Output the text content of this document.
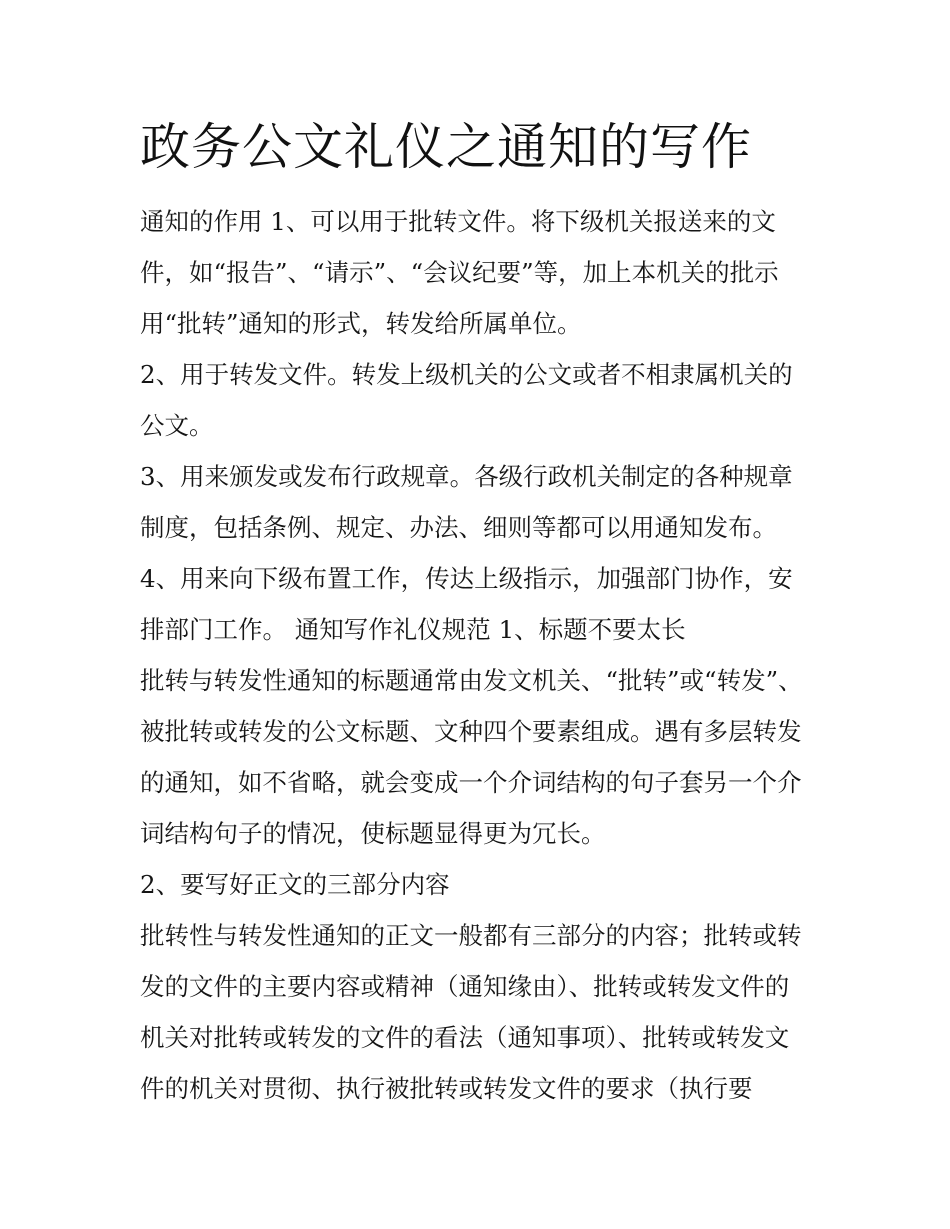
政务公文礼仪之通知的写作

通知的作用 1、可以用于批转文件。将下级机关报送来的文

件，如“报告”、“请示”、“会议纪要”等，加上本机关的批示

用“批转”通知的形式，转发给所属单位。

2、用于转发文件。转发上级机关的公文或者不相隶属机关的

公文。

3、用来颁发或发布行政规章。各级行政机关制定的各种规章

制度，包括条例、规定、办法、细则等都可以用通知发布。

4、用来向下级布置工作，传达上级指示，加强部门协作，安

排部门工作。 通知写作礼仪规范 1、标题不要太长

批转与转发性通知的标题通常由发文机关、“批转”或“转发”、

被批转或转发的公文标题、文种四个要素组成。遇有多层转发

的通知，如不省略，就会变成一个介词结构的句子套另一个介

词结构句子的情况，使标题显得更为冗长。

2、要写好正文的三部分内容

批转性与转发性通知的正文一般都有三部分的内容；批转或转

发的文件的主要内容或精神（通知缘由）、批转或转发文件的

机关对批转或转发的文件的看法（通知事项）、批转或转发文

件的机关对贯彻、执行被批转或转发文件的要求（执行要
